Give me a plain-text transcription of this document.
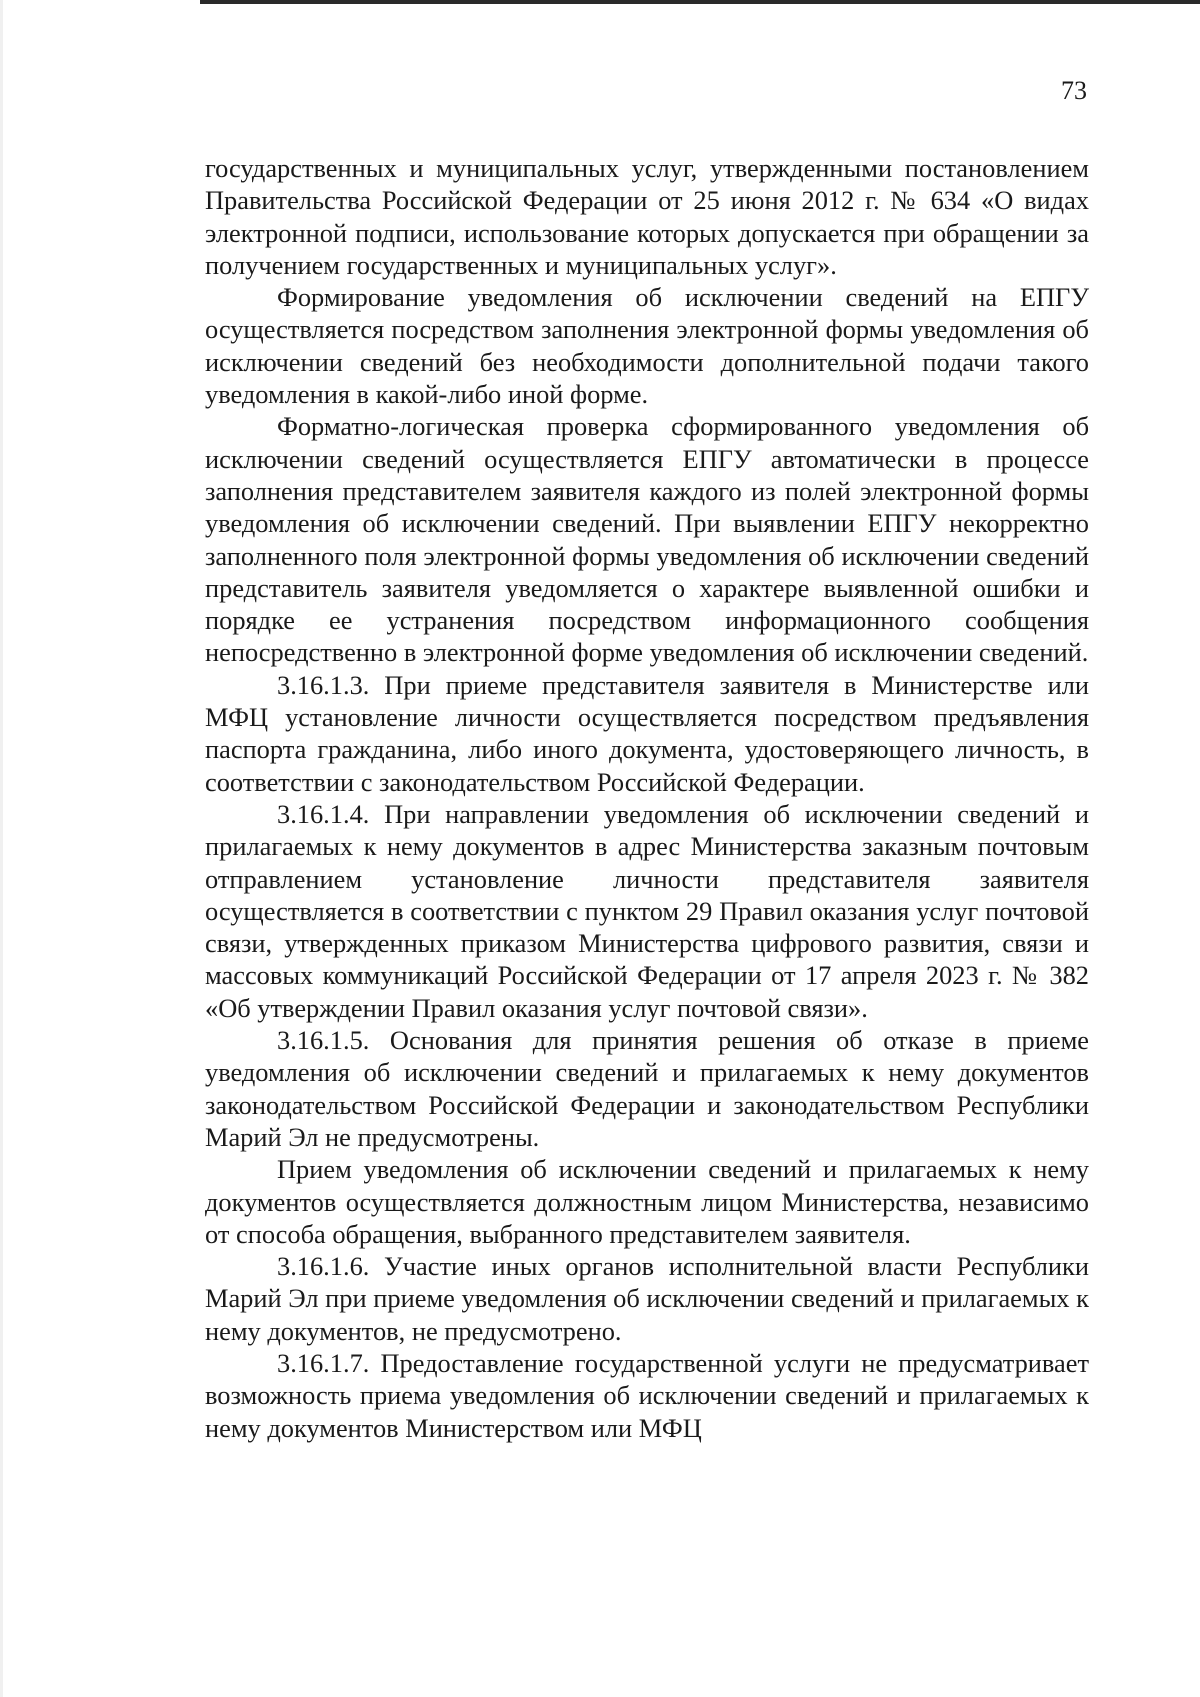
73

государственных и муниципальных услуг, утвержденными постановлением Правительства Российской Федерации от 25 июня 2012 г. № 634 «О видах электронной подписи, использование которых допускается при обращении за получением государственных и муниципальных услуг».

Формирование уведомления об исключении сведений на ЕПГУ осуществляется посредством заполнения электронной формы уведомления об исключении сведений без необходимости дополнительной подачи такого уведомления в какой-либо иной форме.

Форматно-логическая проверка сформированного уведомления об исключении сведений осуществляется ЕПГУ автоматически в процессе заполнения представителем заявителя каждого из полей электронной формы уведомления об исключении сведений. При выявлении ЕПГУ некорректно заполненного поля электронной формы уведомления об исключении сведений представитель заявителя уведомляется о характере выявленной ошибки и порядке ее устранения посредством информационного сообщения непосредственно в электронной форме уведомления об исключении сведений.

3.16.1.3. При приеме представителя заявителя в Министерстве или МФЦ установление личности осуществляется посредством предъявления паспорта гражданина, либо иного документа, удостоверяющего личность, в соответствии с законодательством Российской Федерации.

3.16.1.4. При направлении уведомления об исключении сведений и прилагаемых к нему документов в адрес Министерства заказным почтовым отправлением установление личности представителя заявителя осуществляется в соответствии с пунктом 29 Правил оказания услуг почтовой связи, утвержденных приказом Министерства цифрового развития, связи и массовых коммуникаций Российской Федерации от 17 апреля 2023 г. № 382 «Об утверждении Правил оказания услуг почтовой связи».

3.16.1.5. Основания для принятия решения об отказе в приеме уведомления об исключении сведений и прилагаемых к нему документов законодательством Российской Федерации и законодательством Республики Марий Эл не предусмотрены.

Прием уведомления об исключении сведений и прилагаемых к нему документов осуществляется должностным лицом Министерства, независимо от способа обращения, выбранного представителем заявителя.

3.16.1.6. Участие иных органов исполнительной власти Республики Марий Эл при приеме уведомления об исключении сведений и прилагаемых к нему документов, не предусмотрено.

3.16.1.7. Предоставление государственной услуги не предусматривает возможность приема уведомления об исключении сведений и прилагаемых к нему документов Министерством или МФЦ
